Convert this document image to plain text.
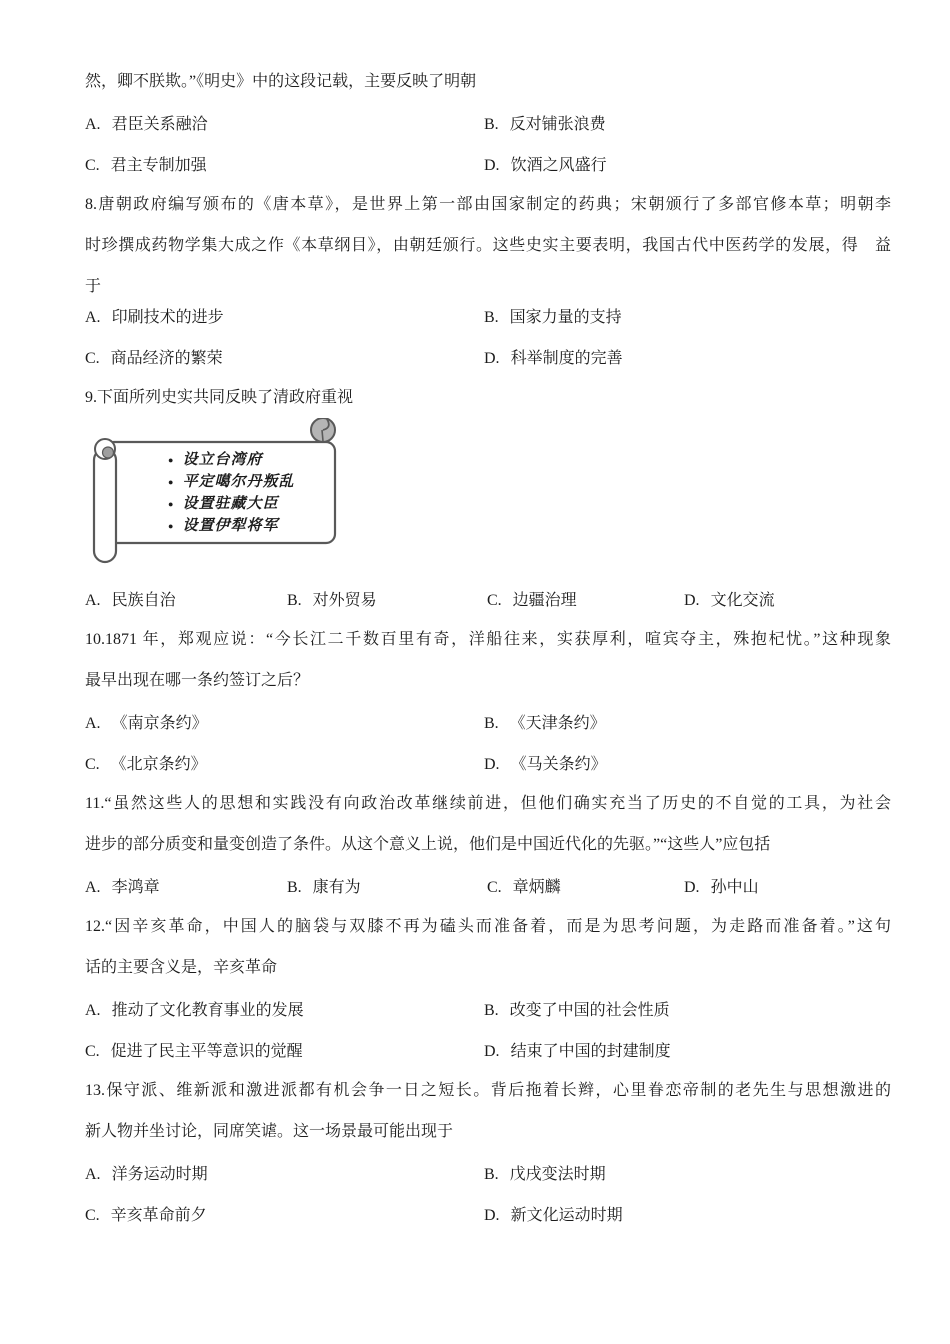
然，卿不朕欺。”《明史》中的这段记载，主要反映了明朝
A. 君臣关系融洽	B. 反对铺张浪费
C. 君主专制加强	D. 饮酒之风盛行
8.唐朝政府编写颁布的《唐本草》，是世界上第一部由国家制定的药典；宋朝颁行了多部官修本草；明朝李
时珍撰成药物学集大成之作《本草纲目》，由朝廷颁行。这些史实主要表明，我国古代中医药学的发展，得　益
于
A. 印刷技术的进步	B. 国家力量的支持
C. 商品经济的繁荣	D. 科举制度的完善
9.下面所列史实共同反映了清政府重视
● 设立台湾府
● 平定噶尔丹叛乱
● 设置驻藏大臣
● 设置伊犁将军
A. 民族自治	B. 对外贸易	C. 边疆治理	D. 文化交流
10.1871 年，郑观应说：“今长江二千数百里有奇，洋船往来，实获厚利，喧宾夺主，殊抱杞忧。”这种现象
最早出现在哪一条约签订之后？
A. 《南京条约》	B. 《天津条约》
C. 《北京条约》	D. 《马关条约》
11.“虽然这些人的思想和实践没有向政治改革继续前进，但他们确实充当了历史的不自觉的工具，为社会
进步的部分质变和量变创造了条件。从这个意义上说，他们是中国近代化的先驱。”“这些人”应包括
A. 李鸿章	B. 康有为	C. 章炳麟	D. 孙中山
12.“因辛亥革命，中国人的脑袋与双膝不再为磕头而准备着，而是为思考问题，为走路而准备着。”这句
话的主要含义是，辛亥革命
A. 推动了文化教育事业的发展	B. 改变了中国的社会性质
C. 促进了民主平等意识的觉醒	D. 结束了中国的封建制度
13.保守派、维新派和激进派都有机会争一日之短长。背后拖着长辫，心里眷恋帝制的老先生与思想激进的
新人物并坐讨论，同席笑谑。这一场景最可能出现于
A. 洋务运动时期	B. 戊戌变法时期
C. 辛亥革命前夕	D. 新文化运动时期
